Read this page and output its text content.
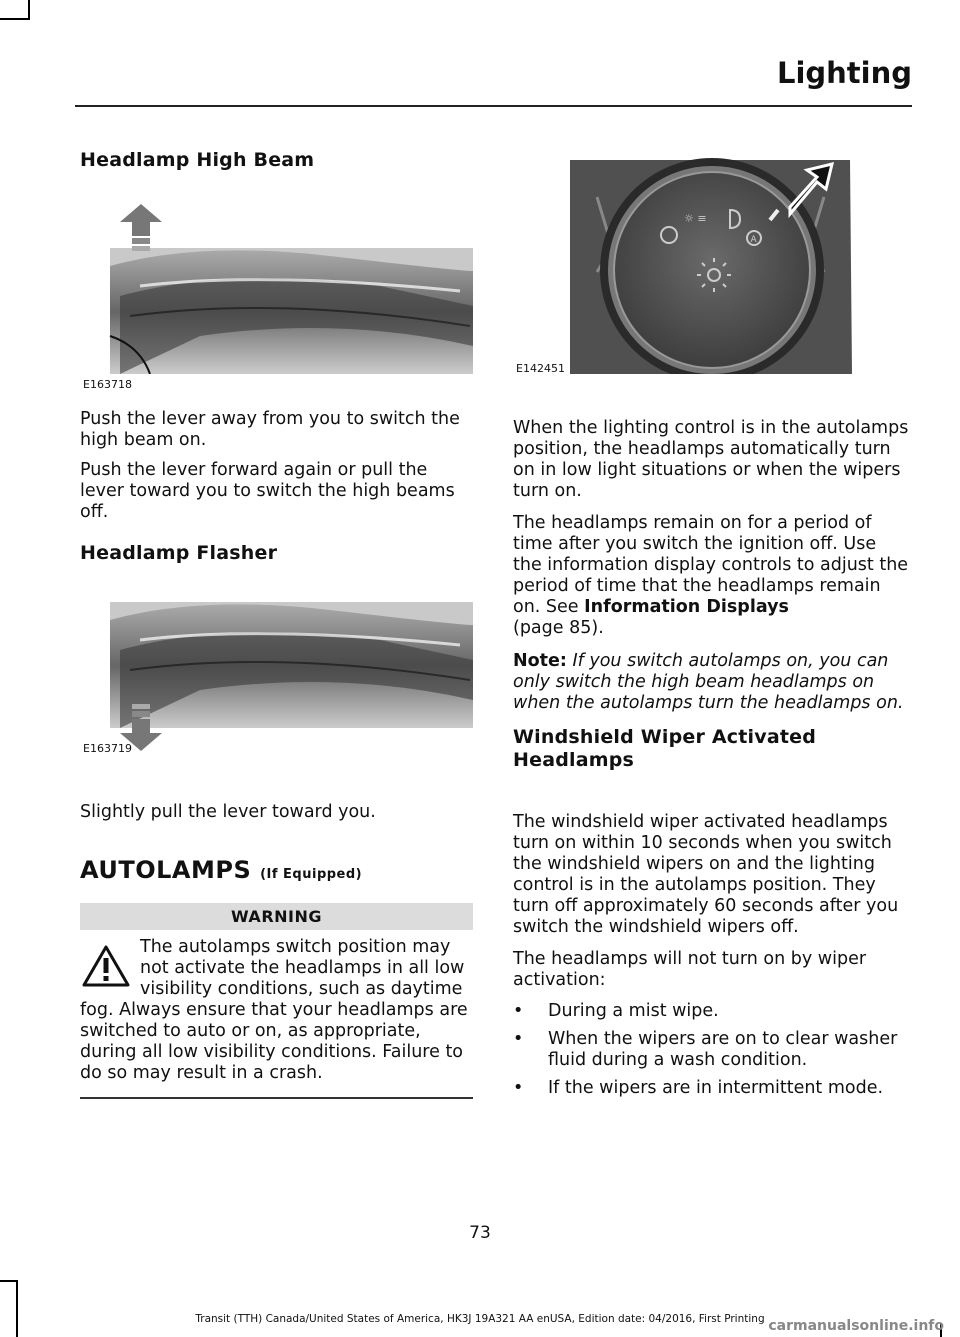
Lighting
Headlamp High Beam
E163718

Push the lever away from you to switch the high beam on.

Push the lever forward again or pull the lever toward you to switch the high beams off.

Headlamp Flasher
E163719

Slightly pull the lever toward you.

AUTOLAMPS (If Equipped)
WARNING

The autolamps switch position may not activate the headlamps in all low visibility conditions, such as daytime fog. Always ensure that your headlamps are switched to auto or on, as appropriate, during all low visibility conditions. Failure to do so may result in a crash.

☼ ≡
A
E142451

When the lighting control is in the autolamps position, the headlamps automatically turn on in low light situations or when the wipers turn on.

The headlamps remain on for a period of time after you switch the ignition off. Use the information display controls to adjust the period of time that the headlamps remain on. See Information Displays
(page 85).

Note: If you switch autolamps on, you can only switch the high beam headlamps on when the autolamps turn the headlamps on.

Windshield Wiper Activated Headlamps

The windshield wiper activated headlamps turn on within 10 seconds when you switch the windshield wipers on and the lighting control is in the autolamps position. They turn off approximately 60 seconds after you switch the windshield wipers off.

The headlamps will not turn on by wiper activation:

• During a mist wipe.
• When the wipers are on to clear washer fluid during a wash condition.
• If the wipers are in intermittent mode.
73
Transit (TTH) Canada/United States of America, HK3J 19A321 AA enUSA, Edition date: 04/2016, First Printing carmanualsonline.info
